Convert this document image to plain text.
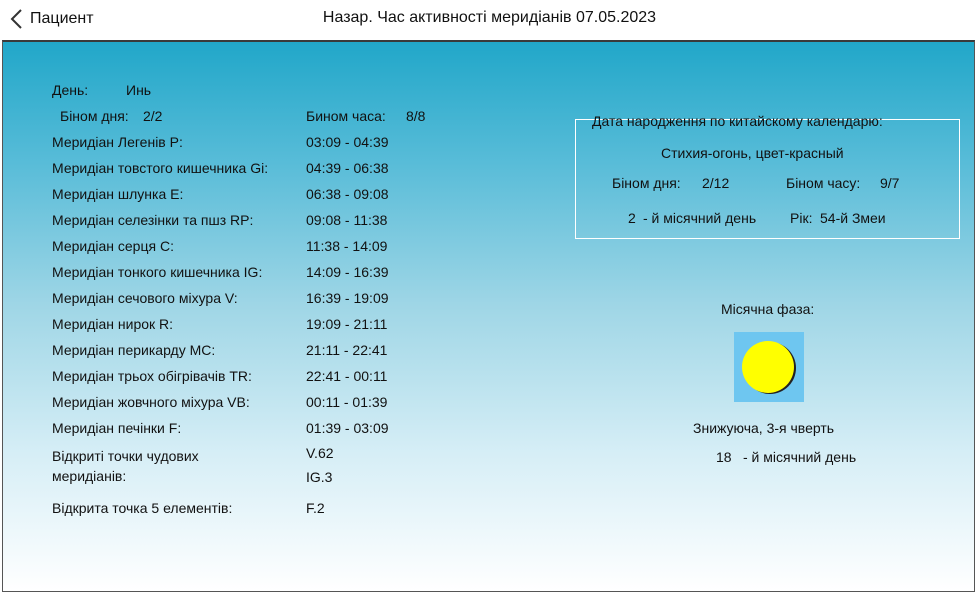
Пациент	Назар. Час активності меридіанів 07.05.2023
День:	Инь
Біном дня: 2/2	Бином часа: 8/8
Меридіан Легенів P:	03:09 - 04:39
Меридіан товстого кишечника Gi:	04:39 - 06:38
Меридіан шлунка Е:	06:38 - 09:08
Меридіан селезінки та пшз RP:	09:08 - 11:38
Меридіан серця C:	11:38 - 14:09
Меридіан тонкого кишечника IG:	14:09 - 16:39
Меридіан сечового міхура V:	16:39 - 19:09
Меридіан нирок R:	19:09 - 21:11
Меридіан перикарду MC:	21:11 - 22:41
Меридіан трьох обігрівачів TR:	22:41 - 00:11
Меридіан жовчного міхура VB:	00:11 - 01:39
Меридіан печінки F:	01:39 - 03:09
Відкриті точки чудових
меридіанів:
V.62
IG.3
Відкрита точка 5 елементів:	F.2
Дата народження по китайскому календарю:
Стихия-огонь, цвет-красный
Біном дня: 2/12	Біном часу: 9/7
2 - й місячний день Рік: 54-й Змеи
Місячна фаза:
Знижуюча, 3-я чверть
18 - й місячний день
